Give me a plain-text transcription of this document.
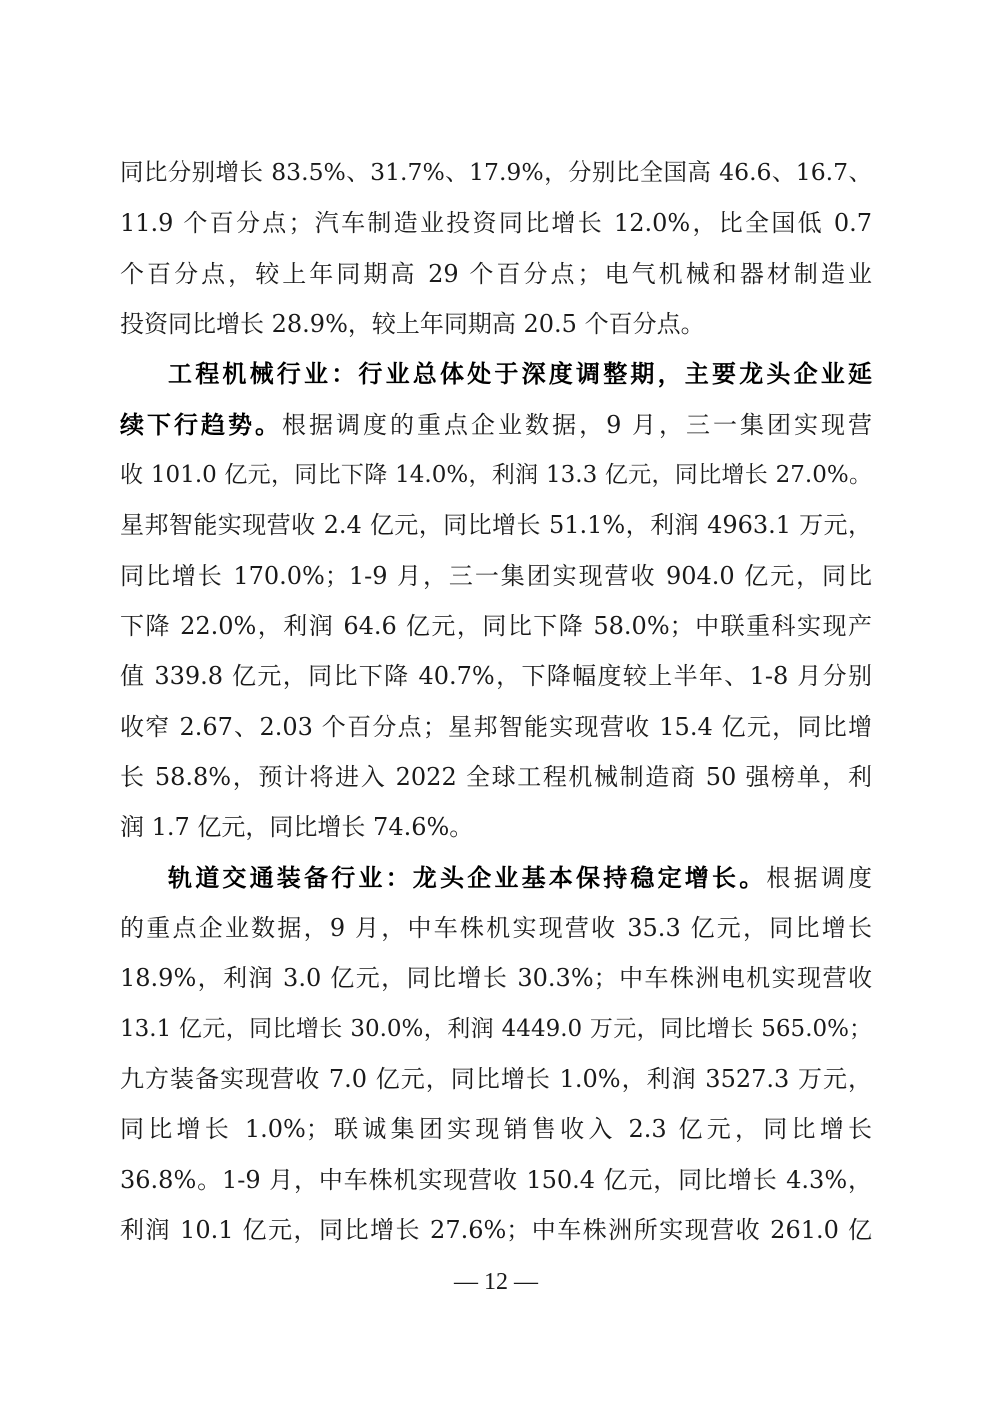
同比分别增长 83.5%、31.7%、17.9%，分别比全国高 46.6、16.7、
11.9 个百分点；汽车制造业投资同比增长 12.0%，比全国低 0.7
个百分点，较上年同期高 29 个百分点；电气机械和器材制造业
投资同比增长 28.9%，较上年同期高 20.5 个百分点。
工程机械行业：行业总体处于深度调整期，主要龙头企业延
续下行趋势。根据调度的重点企业数据，9 月，三一集团实现营
收 101.0 亿元，同比下降 14.0%，利润 13.3 亿元，同比增长 27.0%。
星邦智能实现营收 2.4 亿元，同比增长 51.1%，利润 4963.1 万元，
同比增长 170.0%；1-9 月，三一集团实现营收 904.0 亿元，同比
下降 22.0%，利润 64.6 亿元，同比下降 58.0%；中联重科实现产
值 339.8 亿元，同比下降 40.7%，下降幅度较上半年、1-8 月分别
收窄 2.67、2.03 个百分点；星邦智能实现营收 15.4 亿元，同比增
长 58.8%，预计将进入 2022 全球工程机械制造商 50 强榜单，利
润 1.7 亿元，同比增长 74.6%。
轨道交通装备行业：龙头企业基本保持稳定增长。根据调度
的重点企业数据，9 月，中车株机实现营收 35.3 亿元，同比增长
18.9%，利润 3.0 亿元，同比增长 30.3%；中车株洲电机实现营收
13.1 亿元，同比增长 30.0%，利润 4449.0 万元，同比增长 565.0%；
九方装备实现营收 7.0 亿元，同比增长 1.0%，利润 3527.3 万元，
同比增长 1.0%；联诚集团实现销售收入 2.3 亿元，同比增长
36.8%。1-9 月，中车株机实现营收 150.4 亿元，同比增长 4.3%，
利润 10.1 亿元，同比增长 27.6%；中车株洲所实现营收 261.0 亿
— 12 —
